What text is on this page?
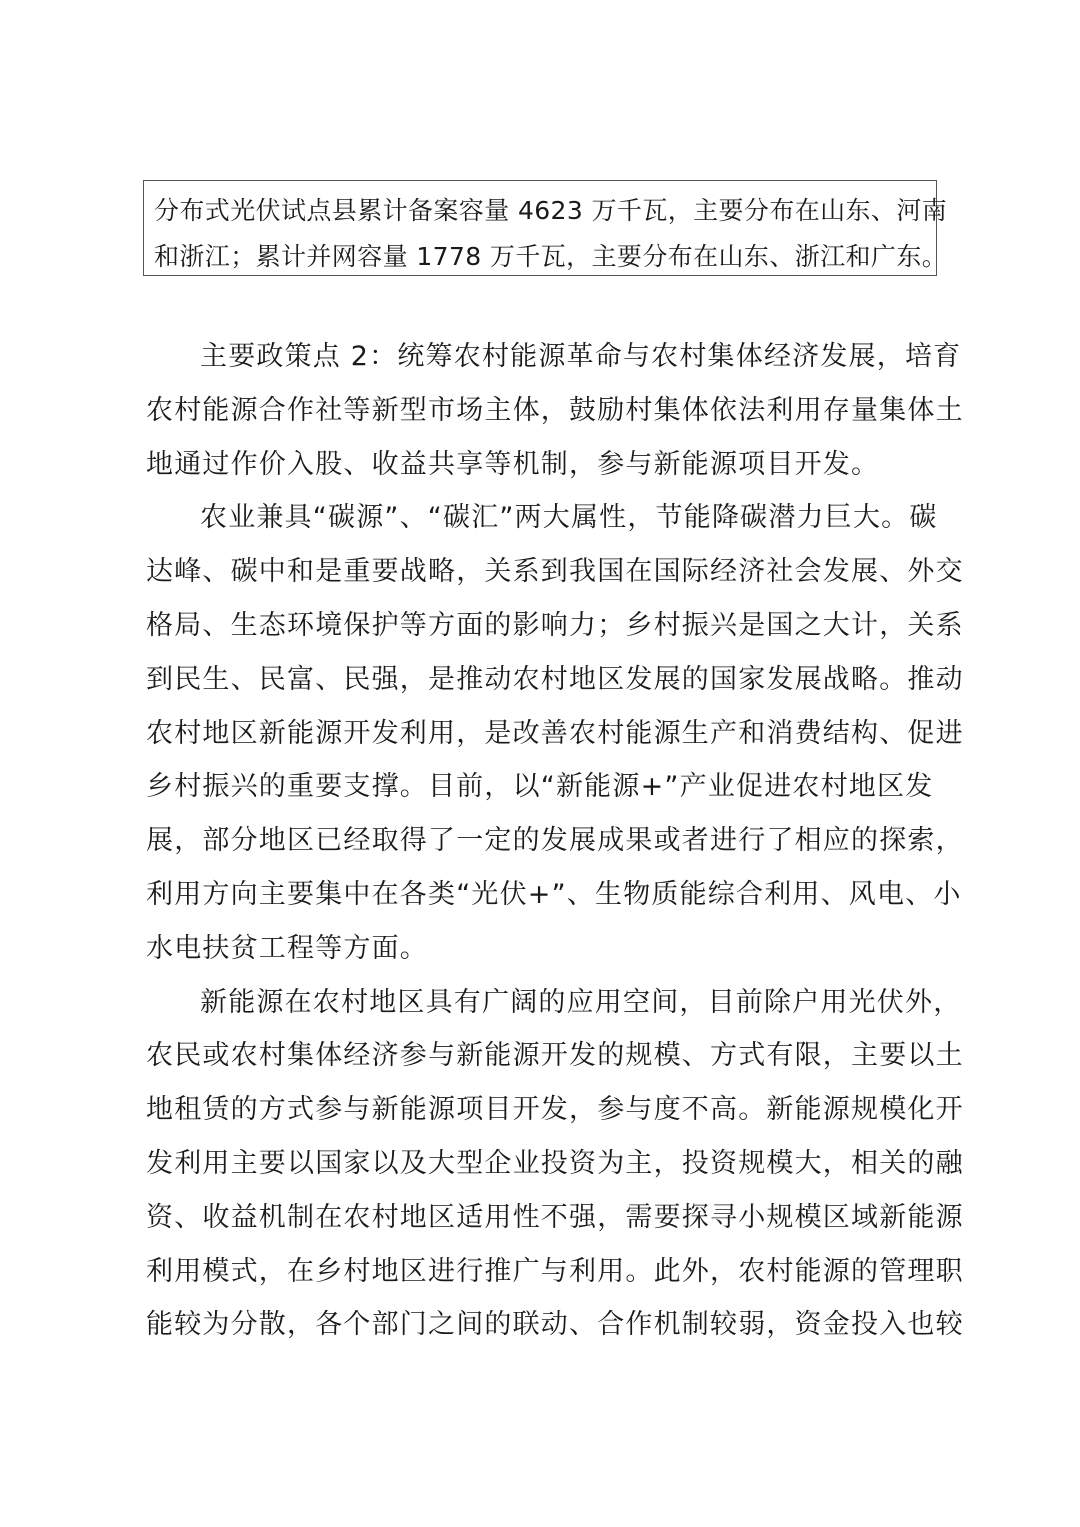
分布式光伏试点县累计备案容量 4623 万千瓦，主要分布在山东、河南
和浙江；累计并网容量 1778 万千瓦，主要分布在山东、浙江和广东。
主要政策点 2：统筹农村能源革命与农村集体经济发展，培育
农村能源合作社等新型市场主体，鼓励村集体依法利用存量集体土
地通过作价入股、收益共享等机制，参与新能源项目开发。
农业兼具“碳源”、“碳汇”两大属性，节能降碳潜力巨大。碳
达峰、碳中和是重要战略，关系到我国在国际经济社会发展、外交
格局、生态环境保护等方面的影响力；乡村振兴是国之大计，关系
到民生、民富、民强，是推动农村地区发展的国家发展战略。推动
农村地区新能源开发利用，是改善农村能源生产和消费结构、促进
乡村振兴的重要支撑。目前，以“新能源+”产业促进农村地区发
展，部分地区已经取得了一定的发展成果或者进行了相应的探索，
利用方向主要集中在各类“光伏+”、生物质能综合利用、风电、小
水电扶贫工程等方面。
新能源在农村地区具有广阔的应用空间，目前除户用光伏外，
农民或农村集体经济参与新能源开发的规模、方式有限，主要以土
地租赁的方式参与新能源项目开发，参与度不高。新能源规模化开
发利用主要以国家以及大型企业投资为主，投资规模大，相关的融
资、收益机制在农村地区适用性不强，需要探寻小规模区域新能源
利用模式，在乡村地区进行推广与利用。此外，农村能源的管理职
能较为分散，各个部门之间的联动、合作机制较弱，资金投入也较
